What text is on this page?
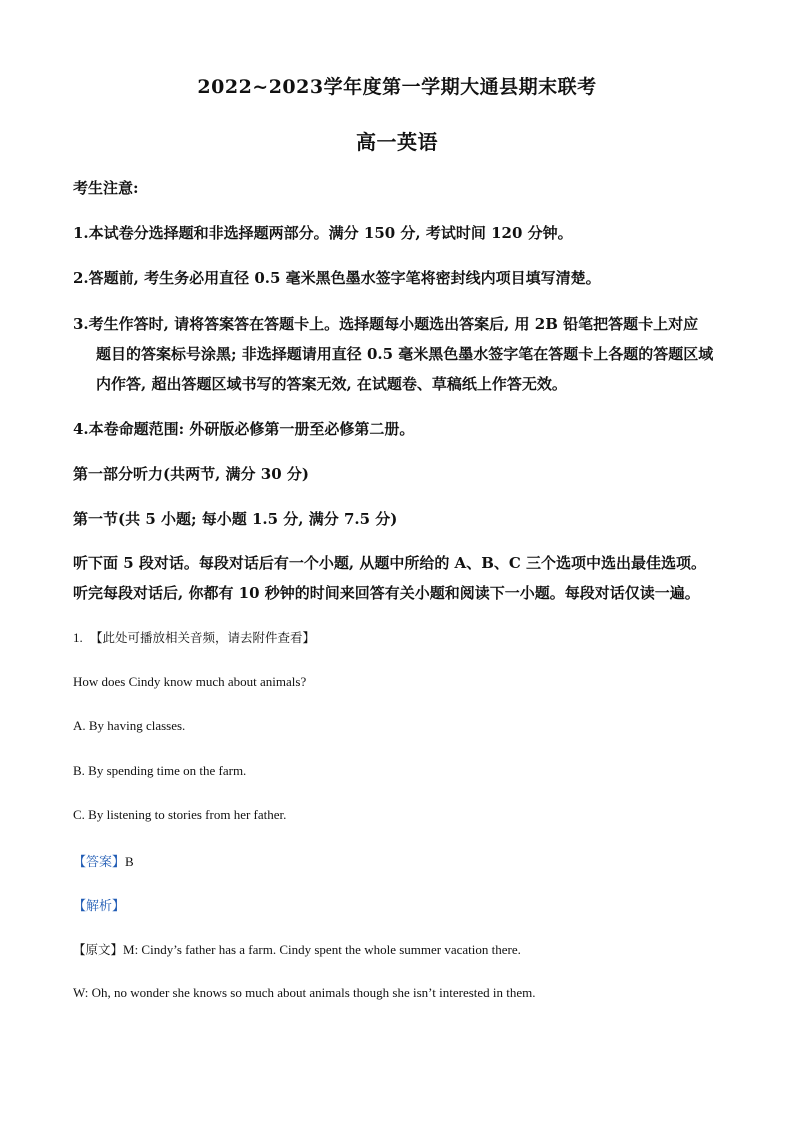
2022~2023学年度第一学期大通县期末联考
高一英语
考生注意:
1.本试卷分选择题和非选择题两部分。满分 150 分, 考试时间 120 分钟。
2.答题前, 考生务必用直径 0.5 毫米黑色墨水签字笔将密封线内项目填写清楚。
3.考生作答时, 请将答案答在答题卡上。选择题每小题选出答案后, 用 2B 铅笔把答题卡上对应
题目的答案标号涂黑; 非选择题请用直径 0.5 毫米黑色墨水签字笔在答题卡上各题的答题区域
内作答, 超出答题区域书写的答案无效, 在试题卷、草稿纸上作答无效。
4.本卷命题范围: 外研版必修第一册至必修第二册。
第一部分听力(共两节, 满分 30 分)
第一节(共 5 小题; 每小题 1.5 分, 满分 7.5 分)
听下面 5 段对话。每段对话后有一个小题, 从题中所给的 A、B、C 三个选项中选出最佳选项。
听完每段对话后, 你都有 10 秒钟的时间来回答有关小题和阅读下一小题。每段对话仅读一遍。
1. 【此处可播放相关音频，请去附件查看】
How does Cindy know much about animals?
A. By having classes.
B. By spending time on the farm.
C. By listening to stories from her father.
【答案】B
【解析】
【原文】M: Cindy’s father has a farm. Cindy spent the whole summer vacation there.
W: Oh, no wonder she knows so much about animals though she isn’t interested in them.
